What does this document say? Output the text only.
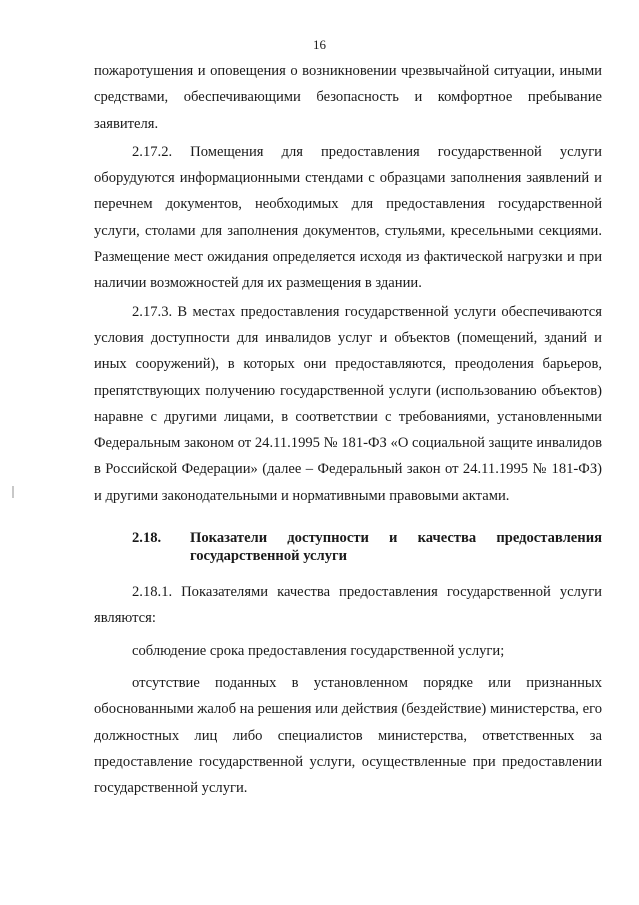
16

пожаротушения и оповещения о возникновении чрезвычайной ситуации, иными средствами, обеспечивающими безопасность и комфортное пребывание заявителя.

2.17.2. Помещения для предоставления государственной услуги оборудуются информационными стендами с образцами заполнения заявлений и перечнем документов, необходимых для предоставления государственной услуги, столами для заполнения документов, стульями, кресельными секциями. Размещение мест ожидания определяется исходя из фактической нагрузки и при наличии возможностей для их размещения в здании.

2.17.3. В местах предоставления государственной услуги обеспечиваются условия доступности для инвалидов услуг и объектов (помещений, зданий и иных сооружений), в которых они предоставляются, преодоления барьеров, препятствующих получению государственной услуги (использованию объектов) наравне с другими лицами, в соответствии с требованиями, установленными Федеральным законом от 24.11.1995 № 181-ФЗ «О социальной защите инвалидов в Российской Федерации» (далее – Федеральный закон от 24.11.1995 № 181-ФЗ) и другими законодательными и нормативными правовыми актами.

2.18.	Показатели доступности и качества предоставления
государственной услуги

2.18.1. Показателями качества предоставления государственной услуги являются:

соблюдение срока предоставления государственной услуги;

отсутствие поданных в установленном порядке или признанных обоснованными жалоб на решения или действия (бездействие) министерства, его должностных лиц либо специалистов министерства, ответственных за предоставление государственной услуги, осуществленные при предоставлении государственной услуги.
